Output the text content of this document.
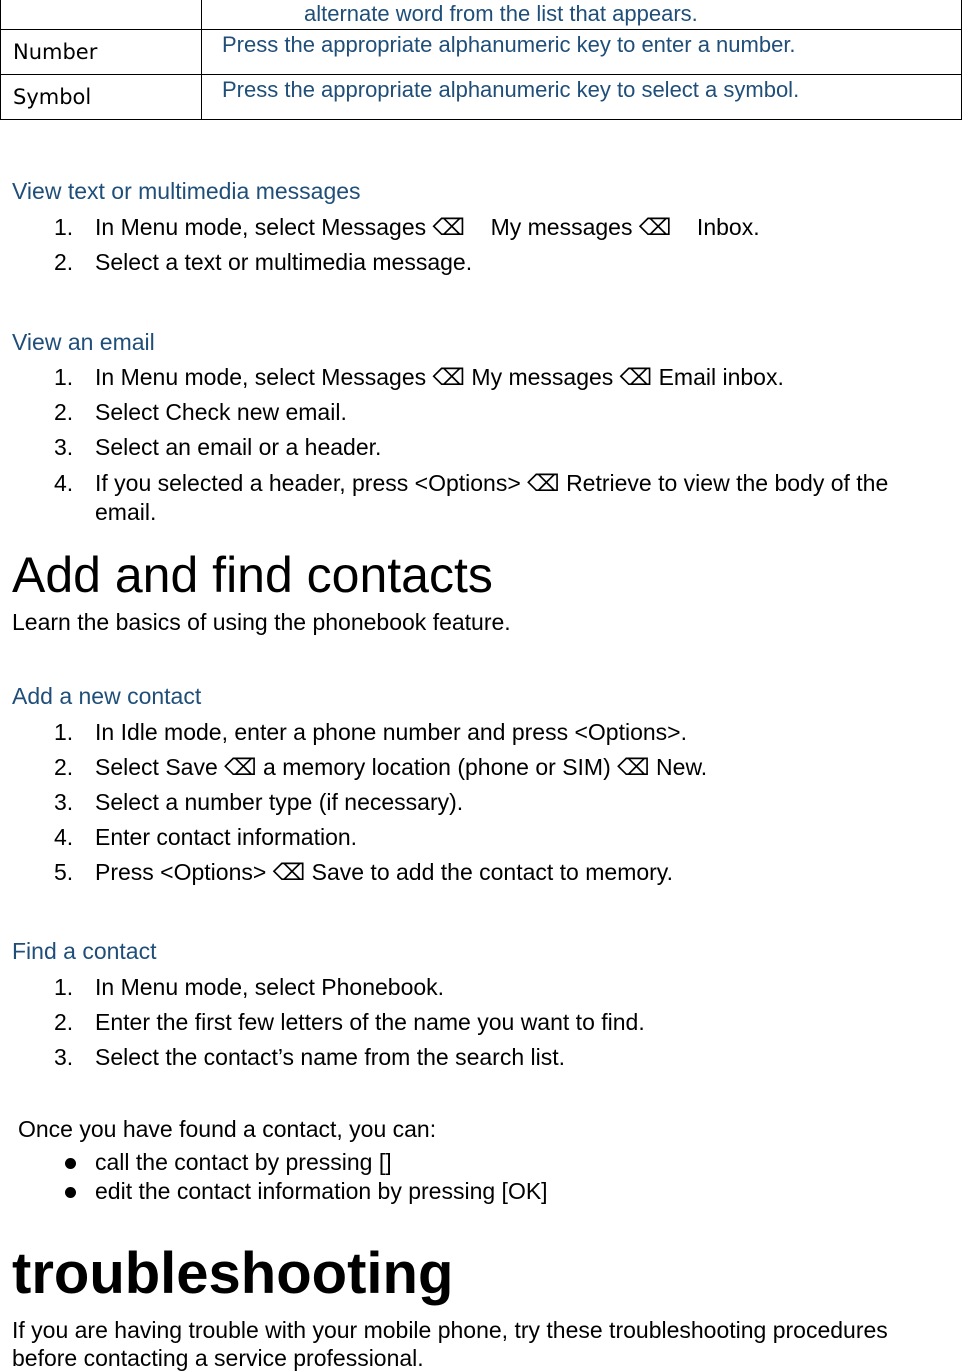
	alternate word from the list that appears.
Number	Press the appropriate alphanumeric key to enter a number.
Symbol	Press the appropriate alphanumeric key to select a symbol.
View text or multimedia messages
1. In Menu mode, select Messages ⌫    My messages ⌫    Inbox.
2. Select a text or multimedia message.
View an email
1. In Menu mode, select Messages ⌫ My messages ⌫ Email inbox.
2. Select Check new email.
3. Select an email or a header.
4. If you selected a header, press <Options> ⌫ Retrieve to view the body of the email.
Add and find contacts
Learn the basics of using the phonebook feature.
Add a new contact
1. In Idle mode, enter a phone number and press <Options>.
2. Select Save ⌫ a memory location (phone or SIM) ⌫ New.
3. Select a number type (if necessary).
4. Enter contact information.
5. Press <Options> ⌫ Save to add the contact to memory.
Find a contact
1. In Menu mode, select Phonebook.
2. Enter the first few letters of the name you want to find.
3. Select the contact’s name from the search list.
Once you have found a contact, you can:
call the contact by pressing []
edit the contact information by pressing [OK]
troubleshooting
If you are having trouble with your mobile phone, try these troubleshooting procedures before contacting a service professional.
